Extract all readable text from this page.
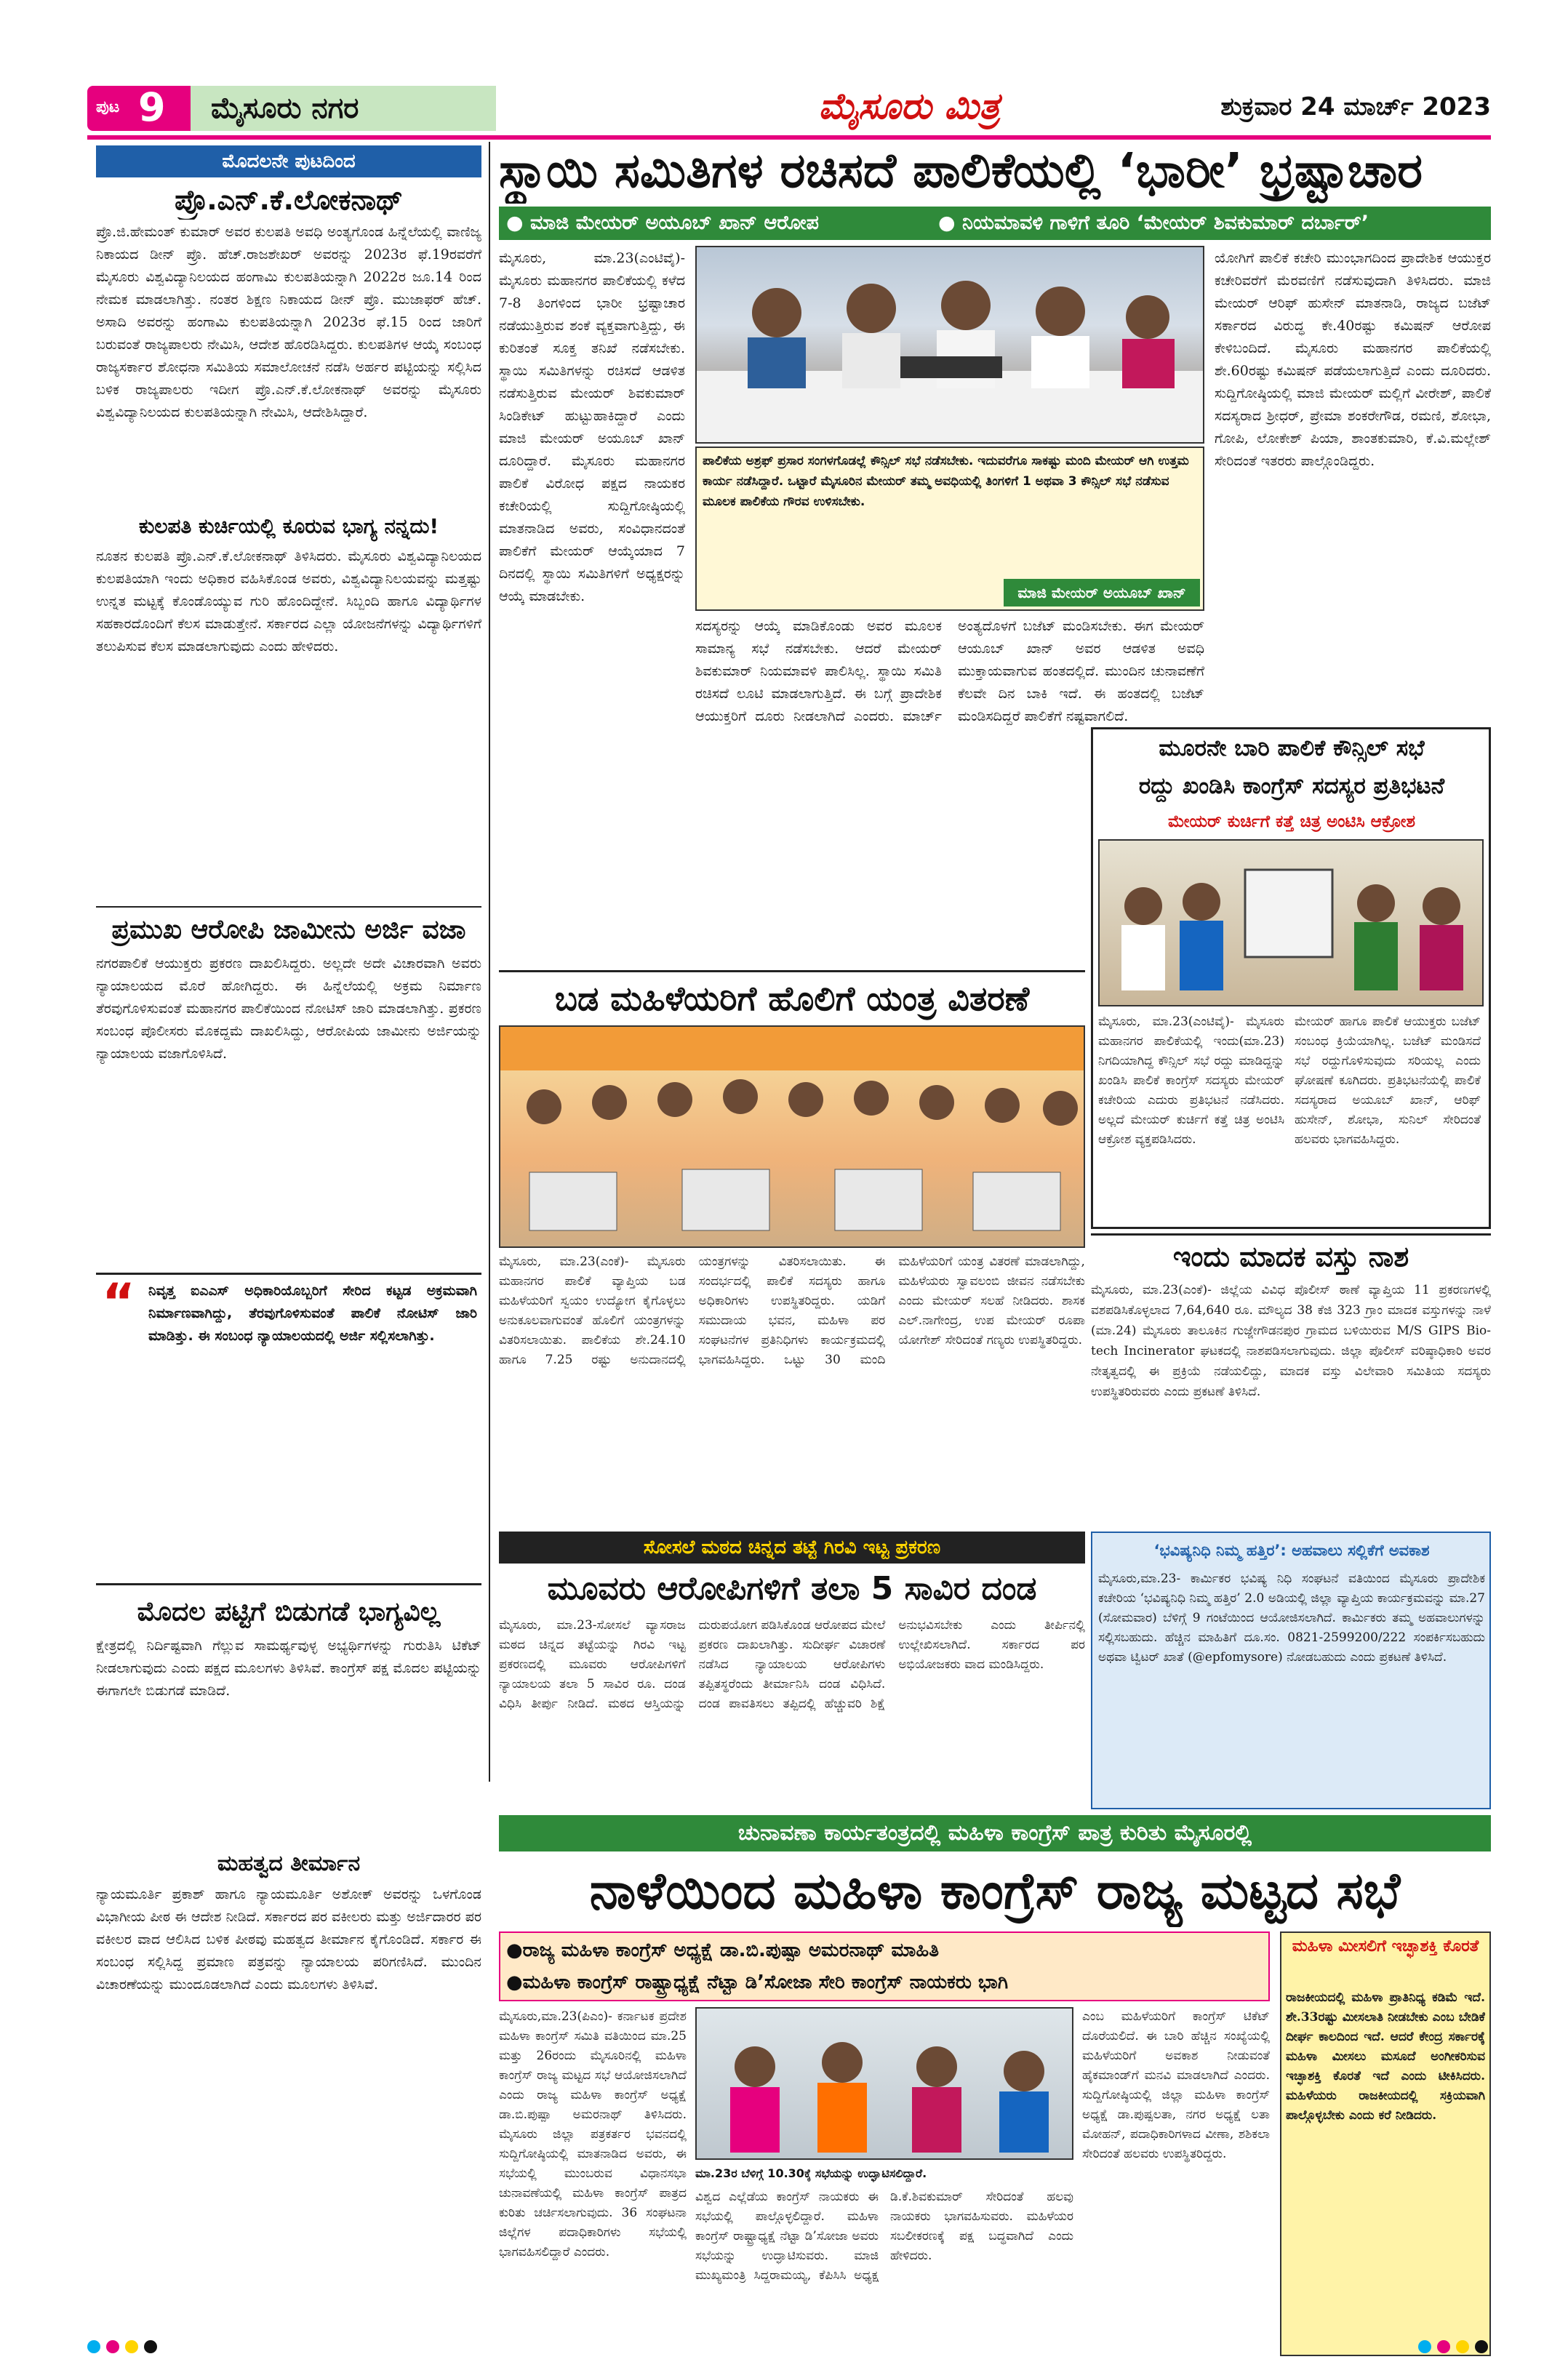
ಪುಟ 9	ಮೈಸೂರು ನಗರ	ಮೈಸೂರು ಮಿತ್ರ	ಶುಕ್ರವಾರ 24 ಮಾರ್ಚ್ 2023
ಮೊದಲನೇ ಪುಟದಿಂದ
ಪ್ರೊ.ಎನ್.ಕೆ.ಲೋಕನಾಥ್
ಪ್ರೊ.ಜಿ.ಹೇಮಂತ್ ಕುಮಾರ್ ಅವರ ಕುಲಪತಿ ಅವಧಿ ಅಂತ್ಯಗೊಂಡ ಹಿನ್ನೆಲೆಯಲ್ಲಿ ವಾಣಿಜ್ಯ ನಿಕಾಯದ ಡೀನ್ ಪ್ರೊ. ಹೆಚ್.ರಾಜಶೇಖರ್ ಅವರನ್ನು 2023ರ ಫೆ.19ರವರೆಗೆ ಮೈಸೂರು ವಿಶ್ವವಿದ್ಯಾನಿಲಯದ ಹಂಗಾಮಿ ಕುಲಪತಿಯನ್ನಾಗಿ 2022ರ ಜೂ.14 ರಿಂದ ನೇಮಕ ಮಾಡಲಾಗಿತ್ತು. ನಂತರ ಶಿಕ್ಷಣ ನಿಕಾಯದ ಡೀನ್ ಪ್ರೊ. ಮುಜಾಫರ್ ಹೆಚ್. ಅಸಾದಿ ಅವರನ್ನು ಹಂಗಾಮಿ ಕುಲಪತಿಯನ್ನಾಗಿ 2023ರ ಫೆ.15 ರಿಂದ ಜಾರಿಗೆ ಬರುವಂತೆ ರಾಜ್ಯಪಾಲರು ನೇಮಿಸಿ, ಆದೇಶ ಹೊರಡಿಸಿದ್ದರು. ಕುಲಪತಿಗಳ ಆಯ್ಕೆ ಸಂಬಂಧ ರಾಜ್ಯಸರ್ಕಾರ ಶೋಧನಾ ಸಮಿತಿಯ ಸಮಾಲೋಚನೆ ನಡೆಸಿ ಅರ್ಹರ ಪಟ್ಟಿಯನ್ನು ಸಲ್ಲಿಸಿದ ಬಳಿಕ ರಾಜ್ಯಪಾಲರು ಇದೀಗ ಪ್ರೊ.ಎನ್.ಕೆ.ಲೋಕನಾಥ್ ಅವರನ್ನು ಮೈಸೂರು ವಿಶ್ವವಿದ್ಯಾನಿಲಯದ ಕುಲಪತಿಯನ್ನಾಗಿ ನೇಮಿಸಿ, ಆದೇಶಿಸಿದ್ದಾರೆ.
ಕುಲಪತಿ ಕುರ್ಚಿಯಲ್ಲಿ ಕೂರುವ ಭಾಗ್ಯ ನನ್ನದು!
ನೂತನ ಕುಲಪತಿ ಪ್ರೊ.ಎನ್.ಕೆ.ಲೋಕನಾಥ್ ತಿಳಿಸಿದರು. ಮೈಸೂರು ವಿಶ್ವವಿದ್ಯಾನಿಲಯದ ಕುಲಪತಿಯಾಗಿ ಇಂದು ಅಧಿಕಾರ ವಹಿಸಿಕೊಂಡ ಅವರು, ವಿಶ್ವವಿದ್ಯಾನಿಲಯವನ್ನು ಮತ್ತಷ್ಟು ಉನ್ನತ ಮಟ್ಟಕ್ಕೆ ಕೊಂಡೊಯ್ಯುವ ಗುರಿ ಹೊಂದಿದ್ದೇನೆ. ಸಿಬ್ಬಂದಿ ಹಾಗೂ ವಿದ್ಯಾರ್ಥಿಗಳ ಸಹಕಾರದೊಂದಿಗೆ ಕೆಲಸ ಮಾಡುತ್ತೇನೆ. ಸರ್ಕಾರದ ಎಲ್ಲಾ ಯೋಜನೆಗಳನ್ನು ವಿದ್ಯಾರ್ಥಿಗಳಿಗೆ ತಲುಪಿಸುವ ಕೆಲಸ ಮಾಡಲಾಗುವುದು ಎಂದು ಹೇಳಿದರು.
ಪ್ರಮುಖ ಆರೋಪಿ ಜಾಮೀನು ಅರ್ಜಿ ವಜಾ
ನಗರಪಾಲಿಕೆ ಆಯುಕ್ತರು ಪ್ರಕರಣ ದಾಖಲಿಸಿದ್ದರು. ಅಲ್ಲದೇ ಅದೇ ವಿಚಾರವಾಗಿ ಅವರು ನ್ಯಾಯಾಲಯದ ಮೊರೆ ಹೋಗಿದ್ದರು. ಈ ಹಿನ್ನೆಲೆಯಲ್ಲಿ ಅಕ್ರಮ ನಿರ್ಮಾಣ ತೆರವುಗೊಳಿಸುವಂತೆ ಮಹಾನಗರ ಪಾಲಿಕೆಯಿಂದ ನೋಟಿಸ್ ಜಾರಿ ಮಾಡಲಾಗಿತ್ತು. ಪ್ರಕರಣ ಸಂಬಂಧ ಪೊಲೀಸರು ಮೊಕದ್ದಮೆ ದಾಖಲಿಸಿದ್ದು, ಆರೋಪಿಯ ಜಾಮೀನು ಅರ್ಜಿಯನ್ನು ನ್ಯಾಯಾಲಯ ವಜಾಗೊಳಿಸಿದೆ.
“ ನಿವೃತ್ತ ಐಎಎಸ್ ಅಧಿಕಾರಿಯೊಬ್ಬರಿಗೆ ಸೇರಿದ ಕಟ್ಟಡ ಅಕ್ರಮವಾಗಿ ನಿರ್ಮಾಣವಾಗಿದ್ದು, ತೆರವುಗೊಳಿಸುವಂತೆ ಪಾಲಿಕೆ ನೋಟಿಸ್ ಜಾರಿ ಮಾಡಿತ್ತು. ಈ ಸಂಬಂಧ ನ್ಯಾಯಾಲಯದಲ್ಲಿ ಅರ್ಜಿ ಸಲ್ಲಿಸಲಾಗಿತ್ತು.
ಮೊದಲ ಪಟ್ಟಿಗೆ ಬಿಡುಗಡೆ ಭಾಗ್ಯವಿಲ್ಲ
ಕ್ಷೇತ್ರದಲ್ಲಿ ನಿರ್ದಿಷ್ಟವಾಗಿ ಗೆಲ್ಲುವ ಸಾಮರ್ಥ್ಯವುಳ್ಳ ಅಭ್ಯರ್ಥಿಗಳನ್ನು ಗುರುತಿಸಿ ಟಿಕೆಟ್ ನೀಡಲಾಗುವುದು ಎಂದು ಪಕ್ಷದ ಮೂಲಗಳು ತಿಳಿಸಿವೆ. ಕಾಂಗ್ರೆಸ್ ಪಕ್ಷ ಮೊದಲ ಪಟ್ಟಿಯನ್ನು ಈಗಾಗಲೇ ಬಿಡುಗಡೆ ಮಾಡಿದೆ.
ಮಹತ್ವದ ತೀರ್ಮಾನ
ನ್ಯಾಯಮೂರ್ತಿ ಪ್ರಕಾಶ್ ಹಾಗೂ ನ್ಯಾಯಮೂರ್ತಿ ಅಶೋಕ್ ಅವರನ್ನು ಒಳಗೊಂಡ ವಿಭಾಗೀಯ ಪೀಠ ಈ ಆದೇಶ ನೀಡಿದೆ. ಸರ್ಕಾರದ ಪರ ವಕೀಲರು ಮತ್ತು ಅರ್ಜಿದಾರರ ಪರ ವಕೀಲರ ವಾದ ಆಲಿಸಿದ ಬಳಿಕ ಪೀಠವು ಮಹತ್ವದ ತೀರ್ಮಾನ ಕೈಗೊಂಡಿದೆ. ಸರ್ಕಾರ ಈ ಸಂಬಂಧ ಸಲ್ಲಿಸಿದ್ದ ಪ್ರಮಾಣ ಪತ್ರವನ್ನು ನ್ಯಾಯಾಲಯ ಪರಿಗಣಿಸಿದೆ. ಮುಂದಿನ ವಿಚಾರಣೆಯನ್ನು ಮುಂದೂಡಲಾಗಿದೆ ಎಂದು ಮೂಲಗಳು ತಿಳಿಸಿವೆ.
ಸ್ಥಾಯಿ ಸಮಿತಿಗಳ ರಚಿಸದೆ ಪಾಲಿಕೆಯಲ್ಲಿ ‘ಭಾರೀ’ ಭ್ರಷ್ಟಾಚಾರ
● ಮಾಜಿ ಮೇಯರ್ ಅಯೂಬ್ ಖಾನ್ ಆರೋಪ	● ನಿಯಮಾವಳಿ ಗಾಳಿಗೆ ತೂರಿ ‘ಮೇಯರ್ ಶಿವಕುಮಾರ್ ದರ್ಬಾರ್’
ಮೈಸೂರು, ಮಾ.23(ಎಂಟಿವೈ)- ಮೈಸೂರು ಮಹಾನಗರ ಪಾಲಿಕೆಯಲ್ಲಿ ಕಳೆದ 7-8 ತಿಂಗಳಿಂದ ಭಾರೀ ಭ್ರಷ್ಟಾಚಾರ ನಡೆಯುತ್ತಿರುವ ಶಂಕೆ ವ್ಯಕ್ತವಾಗುತ್ತಿದ್ದು, ಈ ಕುರಿತಂತೆ ಸೂಕ್ತ ತನಿಖೆ ನಡೆಸಬೇಕು. ಸ್ಥಾಯಿ ಸಮಿತಿಗಳನ್ನು ರಚಿಸದೆ ಆಡಳಿತ ನಡೆಸುತ್ತಿರುವ ಮೇಯರ್ ಶಿವಕುಮಾರ್ ಸಿಂಡಿಕೇಟ್ ಹುಟ್ಟುಹಾಕಿದ್ದಾರೆ ಎಂದು ಮಾಜಿ ಮೇಯರ್ ಅಯೂಬ್ ಖಾನ್ ದೂರಿದ್ದಾರೆ. ಮೈಸೂರು ಮಹಾನಗರ ಪಾಲಿಕೆ ವಿರೋಧ ಪಕ್ಷದ ನಾಯಕರ ಕಚೇರಿಯಲ್ಲಿ ಸುದ್ದಿಗೋಷ್ಠಿಯಲ್ಲಿ ಮಾತನಾಡಿದ ಅವರು, ಸಂವಿಧಾನದಂತೆ ಪಾಲಿಕೆಗೆ ಮೇಯರ್ ಆಯ್ಕೆಯಾದ 7 ದಿನದಲ್ಲಿ ಸ್ಥಾಯಿ ಸಮಿತಿಗಳಿಗೆ ಅಧ್ಯಕ್ಷರನ್ನು ಆಯ್ಕೆ ಮಾಡಬೇಕು.
ಪಾಲಿಕೆಯ ಅಶ್ರಫ್ ಪ್ರಸಾರ ಸಂಗಳಗೊಡಲ್ಲೆ ಕೌನ್ಸಿಲ್ ಸಭೆ ನಡೆಸಬೇಕು. ಇದುವರೆಗೂ ಸಾಕಷ್ಟು ಮಂದಿ ಮೇಯರ್ ಆಗಿ ಉತ್ತಮ ಕಾರ್ಯ ನಡೆಸಿದ್ದಾರೆ. ಒಟ್ಟಾರೆ ಮೈಸೂರಿನ ಮೇಯರ್ ತಮ್ಮ ಅವಧಿಯಲ್ಲಿ ತಿಂಗಳಿಗೆ 1 ಅಥವಾ 3 ಕೌನ್ಸಿಲ್ ಸಭೆ ನಡೆಸುವ ಮೂಲಕ ಪಾಲಿಕೆಯ ಗೌರವ ಉಳಿಸಬೇಕು.
ಮಾಜಿ ಮೇಯರ್ ಅಯೂಬ್ ಖಾನ್
ಸದಸ್ಯರನ್ನು ಆಯ್ಕೆ ಮಾಡಿಕೊಂಡು ಅವರ ಮೂಲಕ ಸಾಮಾನ್ಯ ಸಭೆ ನಡೆಸಬೇಕು. ಆದರೆ ಮೇಯರ್ ಶಿವಕುಮಾರ್ ನಿಯಮಾವಳಿ ಪಾಲಿಸಿಲ್ಲ. ಸ್ಥಾಯಿ ಸಮಿತಿ ರಚಿಸದೆ ಲೂಟಿ ಮಾಡಲಾಗುತ್ತಿದೆ. ಈ ಬಗ್ಗೆ ಪ್ರಾದೇಶಿಕ ಆಯುಕ್ತರಿಗೆ ದೂರು ನೀಡಲಾಗಿದೆ ಎಂದರು. ಮಾರ್ಚ್ ಅಂತ್ಯದೊಳಗೆ ಬಜೆಟ್ ಮಂಡಿಸಬೇಕು. ಈಗ ಮೇಯರ್ ಆಯೂಬ್ ಖಾನ್ ಅವರ ಆಡಳಿತ ಅವಧಿ ಮುಕ್ತಾಯವಾಗುವ ಹಂತದಲ್ಲಿದೆ. ಮುಂದಿನ ಚುನಾವಣೆಗೆ ಕೆಲವೇ ದಿನ ಬಾಕಿ ಇದೆ. ಈ ಹಂತದಲ್ಲಿ ಬಜೆಟ್ ಮಂಡಿಸದಿದ್ದರೆ ಪಾಲಿಕೆಗೆ ನಷ್ಟವಾಗಲಿದೆ.
ಯೋಗಿಗೆ ಪಾಲಿಕೆ ಕಚೇರಿ ಮುಂಭಾಗದಿಂದ ಪ್ರಾದೇಶಿಕ ಆಯುಕ್ತರ ಕಚೇರಿವರೆಗೆ ಮೆರವಣಿಗೆ ನಡೆಸುವುದಾಗಿ ತಿಳಿಸಿದರು. ಮಾಜಿ ಮೇಯರ್ ಆರಿಫ್ ಹುಸೇನ್ ಮಾತನಾಡಿ, ರಾಜ್ಯದ ಬಜೆಟ್ ಸರ್ಕಾರದ ವಿರುದ್ಧ ಕೇ.40ರಷ್ಟು ಕಮಿಷನ್ ಆರೋಪ ಕೇಳಿಬಂದಿದೆ. ಮೈಸೂರು ಮಹಾನಗರ ಪಾಲಿಕೆಯಲ್ಲಿ ಶೇ.60ರಷ್ಟು ಕಮಿಷನ್ ಪಡೆಯಲಾಗುತ್ತಿದೆ ಎಂದು ದೂರಿದರು. ಸುದ್ದಿಗೋಷ್ಠಿಯಲ್ಲಿ ಮಾಜಿ ಮೇಯರ್ ಮಲ್ಲಿಗೆ ವೀರೇಶ್, ಪಾಲಿಕೆ ಸದಸ್ಯರಾದ ಶ್ರೀಧರ್, ಪ್ರೇಮಾ ಶಂಕರೇಗೌಡ, ರಮಣಿ, ಶೋಭಾ, ಗೋಪಿ, ಲೋಕೇಶ್ ಪಿಯಾ, ಶಾಂತಕುಮಾರಿ, ಕೆ.ವಿ.ಮಲ್ಲೇಶ್ ಸೇರಿದಂತೆ ಇತರರು ಪಾಲ್ಗೊಂಡಿದ್ದರು.
ಮೂರನೇ ಬಾರಿ ಪಾಲಿಕೆ ಕೌನ್ಸಿಲ್ ಸಭೆ
ರದ್ದು ಖಂಡಿಸಿ ಕಾಂಗ್ರೆಸ್ ಸದಸ್ಯರ ಪ್ರತಿಭಟನೆ
ಮೇಯರ್ ಕುರ್ಚಿಗೆ ಕತ್ತೆ ಚಿತ್ರ ಅಂಟಿಸಿ ಆಕ್ರೋಶ
ಮೈಸೂರು, ಮಾ.23(ಎಂಟಿವೈ)- ಮೈಸೂರು ಮಹಾನಗರ ಪಾಲಿಕೆಯಲ್ಲಿ ಇಂದು(ಮಾ.23) ನಿಗದಿಯಾಗಿದ್ದ ಕೌನ್ಸಿಲ್ ಸಭೆ ರದ್ದು ಮಾಡಿದ್ದನ್ನು ಖಂಡಿಸಿ ಪಾಲಿಕೆ ಕಾಂಗ್ರೆಸ್ ಸದಸ್ಯರು ಮೇಯರ್ ಕಚೇರಿಯ ಎದುರು ಪ್ರತಿಭಟನೆ ನಡೆಸಿದರು. ಅಲ್ಲದೆ ಮೇಯರ್ ಕುರ್ಚಿಗೆ ಕತ್ತೆ ಚಿತ್ರ ಅಂಟಿಸಿ ಆಕ್ರೋಶ ವ್ಯಕ್ತಪಡಿಸಿದರು.
ಮೇಯರ್ ಹಾಗೂ ಪಾಲಿಕೆ ಆಯುಕ್ತರು ಬಜೆಟ್ ಸಂಬಂಧ ಕ್ರಿಯೆಯಾಗಿಲ್ಲ. ಬಜೆಟ್ ಮಂಡಿಸದೆ ಸಭೆ ರದ್ದುಗೊಳಿಸುವುದು ಸರಿಯಲ್ಲ ಎಂದು ಘೋಷಣೆ ಕೂಗಿದರು. ಪ್ರತಿಭಟನೆಯಲ್ಲಿ ಪಾಲಿಕೆ ಸದಸ್ಯರಾದ ಅಯೂಬ್ ಖಾನ್, ಆರಿಫ್ ಹುಸೇನ್, ಶೋಭಾ, ಸುನಿಲ್ ಸೇರಿದಂತೆ ಹಲವರು ಭಾಗವಹಿಸಿದ್ದರು.
ಬಡ ಮಹಿಳೆಯರಿಗೆ ಹೊಲಿಗೆ ಯಂತ್ರ ವಿತರಣೆ
ಮೈಸೂರು, ಮಾ.23(ಎಂಕೆ)- ಮೈಸೂರು ಮಹಾನಗರ ಪಾಲಿಕೆ ವ್ಯಾಪ್ತಿಯ ಬಡ ಮಹಿಳೆಯರಿಗೆ ಸ್ವಯಂ ಉದ್ಯೋಗ ಕೈಗೊಳ್ಳಲು ಅನುಕೂಲವಾಗುವಂತೆ ಹೊಲಿಗೆ ಯಂತ್ರಗಳನ್ನು ವಿತರಿಸಲಾಯಿತು. ಪಾಲಿಕೆಯ ಶೇ.24.10 ಹಾಗೂ 7.25 ರಷ್ಟು ಅನುದಾನದಲ್ಲಿ ಯಂತ್ರಗಳನ್ನು ವಿತರಿಸಲಾಯಿತು. ಈ ಸಂದರ್ಭದಲ್ಲಿ ಪಾಲಿಕೆ ಸದಸ್ಯರು ಹಾಗೂ ಅಧಿಕಾರಿಗಳು ಉಪಸ್ಥಿತರಿದ್ದರು. ಯಡಿಗೆ ಸಮುದಾಯ ಭವನ, ಮಹಿಳಾ ಪರ ಸಂಘಟನೆಗಳ ಪ್ರತಿನಿಧಿಗಳು ಕಾರ್ಯಕ್ರಮದಲ್ಲಿ ಭಾಗವಹಿಸಿದ್ದರು. ಒಟ್ಟು 30 ಮಂದಿ ಮಹಿಳೆಯರಿಗೆ ಯಂತ್ರ ವಿತರಣೆ ಮಾಡಲಾಗಿದ್ದು, ಮಹಿಳೆಯರು ಸ್ವಾವಲಂಬಿ ಜೀವನ ನಡೆಸಬೇಕು ಎಂದು ಮೇಯರ್ ಸಲಹೆ ನೀಡಿದರು. ಶಾಸಕ ಎಲ್.ನಾಗೇಂದ್ರ, ಉಪ ಮೇಯರ್ ರೂಪಾ ಯೋಗೇಶ್ ಸೇರಿದಂತೆ ಗಣ್ಯರು ಉಪಸ್ಥಿತರಿದ್ದರು.
ಇಂದು ಮಾದಕ ವಸ್ತು ನಾಶ
ಮೈಸೂರು, ಮಾ.23(ಎಂಕೆ)- ಜಿಲ್ಲೆಯ ವಿವಿಧ ಪೊಲೀಸ್ ಠಾಣೆ ವ್ಯಾಪ್ತಿಯ 11 ಪ್ರಕರಣಗಳಲ್ಲಿ ವಶಪಡಿಸಿಕೊಳ್ಳಲಾದ 7,64,640 ರೂ. ಮೌಲ್ಯದ 38 ಕೆಜಿ 323 ಗ್ರಾಂ ಮಾದಕ ವಸ್ತುಗಳನ್ನು ನಾಳೆ (ಮಾ.24) ಮೈಸೂರು ತಾಲೂಕಿನ ಗುಜ್ಜೇಗೌಡನಪುರ ಗ್ರಾಮದ ಬಳಿಯಿರುವ M/S GIPS Bio-tech Incinerator ಘಟಕದಲ್ಲಿ ನಾಶಪಡಿಸಲಾಗುವುದು. ಜಿಲ್ಲಾ ಪೊಲೀಸ್ ವರಿಷ್ಠಾಧಿಕಾರಿ ಅವರ ನೇತೃತ್ವದಲ್ಲಿ ಈ ಪ್ರಕ್ರಿಯೆ ನಡೆಯಲಿದ್ದು, ಮಾದಕ ವಸ್ತು ವಿಲೇವಾರಿ ಸಮಿತಿಯ ಸದಸ್ಯರು ಉಪಸ್ಥಿತರಿರುವರು ಎಂದು ಪ್ರಕಟಣೆ ತಿಳಿಸಿದೆ.
ಸೋಸಲೆ ಮಠದ ಚಿನ್ನದ ತಟ್ಟೆ ಗಿರವಿ ಇಟ್ಟ ಪ್ರಕರಣ
ಮೂವರು ಆರೋಪಿಗಳಿಗೆ ತಲಾ 5 ಸಾವಿರ ದಂಡ
ಮೈಸೂರು, ಮಾ.23-ಸೋಸಲೆ ವ್ಯಾಸರಾಜ ಮಠದ ಚಿನ್ನದ ತಟ್ಟೆಯನ್ನು ಗಿರವಿ ಇಟ್ಟ ಪ್ರಕರಣದಲ್ಲಿ ಮೂವರು ಆರೋಪಿಗಳಿಗೆ ನ್ಯಾಯಾಲಯ ತಲಾ 5 ಸಾವಿರ ರೂ. ದಂಡ ವಿಧಿಸಿ ತೀರ್ಪು ನೀಡಿದೆ. ಮಠದ ಆಸ್ತಿಯನ್ನು ದುರುಪಯೋಗ ಪಡಿಸಿಕೊಂಡ ಆರೋಪದ ಮೇಲೆ ಪ್ರಕರಣ ದಾಖಲಾಗಿತ್ತು. ಸುದೀರ್ಘ ವಿಚಾರಣೆ ನಡೆಸಿದ ನ್ಯಾಯಾಲಯ ಆರೋಪಿಗಳು ತಪ್ಪಿತಸ್ಥರೆಂದು ತೀರ್ಮಾನಿಸಿ ದಂಡ ವಿಧಿಸಿದೆ. ದಂಡ ಪಾವತಿಸಲು ತಪ್ಪಿದಲ್ಲಿ ಹೆಚ್ಚುವರಿ ಶಿಕ್ಷೆ ಅನುಭವಿಸಬೇಕು ಎಂದು ತೀರ್ಪಿನಲ್ಲಿ ಉಲ್ಲೇಖಿಸಲಾಗಿದೆ. ಸರ್ಕಾರದ ಪರ ಅಭಿಯೋಜಕರು ವಾದ ಮಂಡಿಸಿದ್ದರು.
‘ಭವಿಷ್ಯನಿಧಿ ನಿಮ್ಮ ಹತ್ತಿರ’: ಅಹವಾಲು ಸಲ್ಲಿಕೆಗೆ ಅವಕಾಶ
ಮೈಸೂರು,ಮಾ.23- ಕಾರ್ಮಿಕರ ಭವಿಷ್ಯ ನಿಧಿ ಸಂಘಟನೆ ವತಿಯಿಂದ ಮೈಸೂರು ಪ್ರಾದೇಶಿಕ ಕಚೇರಿಯ ‘ಭವಿಷ್ಯನಿಧಿ ನಿಮ್ಮ ಹತ್ತಿರ’ 2.0 ಅಡಿಯಲ್ಲಿ ಜಿಲ್ಲಾ ವ್ಯಾಪ್ತಿಯ ಕಾರ್ಯಕ್ರಮವನ್ನು ಮಾ.27 (ಸೋಮವಾರ) ಬೆಳಿಗ್ಗೆ 9 ಗಂಟೆಯಿಂದ ಆಯೋಜಿಸಲಾಗಿದೆ. ಕಾರ್ಮಿಕರು ತಮ್ಮ ಅಹವಾಲುಗಳನ್ನು ಸಲ್ಲಿಸಬಹುದು. ಹೆಚ್ಚಿನ ಮಾಹಿತಿಗೆ ದೂ.ಸಂ. 0821-2599200/222 ಸಂಪರ್ಕಿಸಬಹುದು ಅಥವಾ ಟ್ವಿಟರ್ ಖಾತೆ (@epfomysore) ನೋಡಬಹುದು ಎಂದು ಪ್ರಕಟಣೆ ತಿಳಿಸಿದೆ.
ಚುನಾವಣಾ ಕಾರ್ಯತಂತ್ರದಲ್ಲಿ ಮಹಿಳಾ ಕಾಂಗ್ರೆಸ್ ಪಾತ್ರ ಕುರಿತು ಮೈಸೂರಲ್ಲಿ
ನಾಳೆಯಿಂದ ಮಹಿಳಾ ಕಾಂಗ್ರೆಸ್ ರಾಜ್ಯ ಮಟ್ಟದ ಸಭೆ
●ರಾಜ್ಯ ಮಹಿಳಾ ಕಾಂಗ್ರೆಸ್ ಅಧ್ಯಕ್ಷೆ ಡಾ.ಬಿ.ಪುಷ್ಪಾ ಅಮರನಾಥ್ ಮಾಹಿತಿ
●ಮಹಿಳಾ ಕಾಂಗ್ರೆಸ್ ರಾಷ್ಟ್ರಾಧ್ಯಕ್ಷೆ ನೆಟ್ಟಾ ಡಿ’ಸೋಜಾ ಸೇರಿ ಕಾಂಗ್ರೆಸ್ ನಾಯಕರು ಭಾಗಿ
ಮೈಸೂರು,ಮಾ.23(ಪಿಎಂ)- ಕರ್ನಾಟಕ ಪ್ರದೇಶ ಮಹಿಳಾ ಕಾಂಗ್ರೆಸ್ ಸಮಿತಿ ವತಿಯಿಂದ ಮಾ.25 ಮತ್ತು 26ರಂದು ಮೈಸೂರಿನಲ್ಲಿ ಮಹಿಳಾ ಕಾಂಗ್ರೆಸ್ ರಾಜ್ಯ ಮಟ್ಟದ ಸಭೆ ಆಯೋಜಿಸಲಾಗಿದೆ ಎಂದು ರಾಜ್ಯ ಮಹಿಳಾ ಕಾಂಗ್ರೆಸ್ ಅಧ್ಯಕ್ಷೆ ಡಾ.ಬಿ.ಪುಷ್ಪಾ ಅಮರನಾಥ್ ತಿಳಿಸಿದರು. ಮೈಸೂರು ಜಿಲ್ಲಾ ಪತ್ರಕರ್ತರ ಭವನದಲ್ಲಿ ಸುದ್ದಿಗೋಷ್ಠಿಯಲ್ಲಿ ಮಾತನಾಡಿದ ಅವರು, ಈ ಸಭೆಯಲ್ಲಿ ಮುಂಬರುವ ವಿಧಾನಸಭಾ ಚುನಾವಣೆಯಲ್ಲಿ ಮಹಿಳಾ ಕಾಂಗ್ರೆಸ್ ಪಾತ್ರದ ಕುರಿತು ಚರ್ಚಿಸಲಾಗುವುದು. 36 ಸಂಘಟನಾ ಜಿಲ್ಲೆಗಳ ಪದಾಧಿಕಾರಿಗಳು ಸಭೆಯಲ್ಲಿ ಭಾಗವಹಿಸಲಿದ್ದಾರೆ ಎಂದರು.
ಮಾ.23ರ ಬೆಳಿಗ್ಗೆ 10.30ಕ್ಕೆ ಸಭೆಯನ್ನು ಉದ್ಘಾಟಿಸಲಿದ್ದಾರೆ.
ವಿಶ್ವದ ಎಲ್ಲೆಡೆಯ ಕಾಂಗ್ರೆಸ್ ನಾಯಕರು ಈ ಸಭೆಯಲ್ಲಿ ಪಾಲ್ಗೊಳ್ಳಲಿದ್ದಾರೆ. ಮಹಿಳಾ ಕಾಂಗ್ರೆಸ್ ರಾಷ್ಟ್ರಾಧ್ಯಕ್ಷೆ ನೆಟ್ಟಾ ಡಿ’ಸೋಜಾ ಅವರು ಸಭೆಯನ್ನು ಉದ್ಘಾಟಿಸುವರು. ಮಾಜಿ ಮುಖ್ಯಮಂತ್ರಿ ಸಿದ್ದರಾಮಯ್ಯ, ಕೆಪಿಸಿಸಿ ಅಧ್ಯಕ್ಷ ಡಿ.ಕೆ.ಶಿವಕುಮಾರ್ ಸೇರಿದಂತೆ ಹಲವು ನಾಯಕರು ಭಾಗವಹಿಸುವರು. ಮಹಿಳೆಯರ ಸಬಲೀಕರಣಕ್ಕೆ ಪಕ್ಷ ಬದ್ಧವಾಗಿದೆ ಎಂದು ಹೇಳಿದರು.
ಎಂಬ ಮಹಿಳೆಯರಿಗೆ ಕಾಂಗ್ರೆಸ್ ಟಿಕೆಟ್ ದೊರೆಯಲಿದೆ. ಈ ಬಾರಿ ಹೆಚ್ಚಿನ ಸಂಖ್ಯೆಯಲ್ಲಿ ಮಹಿಳೆಯರಿಗೆ ಅವಕಾಶ ನೀಡುವಂತೆ ಹೈಕಮಾಂಡ್‌ಗೆ ಮನವಿ ಮಾಡಲಾಗಿದೆ ಎಂದರು. ಸುದ್ದಿಗೋಷ್ಠಿಯಲ್ಲಿ ಜಿಲ್ಲಾ ಮಹಿಳಾ ಕಾಂಗ್ರೆಸ್ ಅಧ್ಯಕ್ಷೆ ಡಾ.ಪುಷ್ಪಲತಾ, ನಗರ ಅಧ್ಯಕ್ಷೆ ಲತಾ ಮೋಹನ್, ಪದಾಧಿಕಾರಿಗಳಾದ ವೀಣಾ, ಶಶಿಕಲಾ ಸೇರಿದಂತೆ ಹಲವರು ಉಪಸ್ಥಿತರಿದ್ದರು.
ಮಹಿಳಾ ಮೀಸಲಿಗೆ ಇಚ್ಛಾಶಕ್ತಿ ಕೊರತೆ
ರಾಜಕೀಯದಲ್ಲಿ ಮಹಿಳಾ ಪ್ರಾತಿನಿಧ್ಯ ಕಡಿಮೆ ಇದೆ. ಶೇ.33ರಷ್ಟು ಮೀಸಲಾತಿ ನೀಡಬೇಕು ಎಂಬ ಬೇಡಿಕೆ ದೀರ್ಘ ಕಾಲದಿಂದ ಇದೆ. ಆದರೆ ಕೇಂದ್ರ ಸರ್ಕಾರಕ್ಕೆ ಮಹಿಳಾ ಮೀಸಲು ಮಸೂದೆ ಅಂಗೀಕರಿಸುವ ಇಚ್ಛಾಶಕ್ತಿ ಕೊರತೆ ಇದೆ ಎಂದು ಟೀಕಿಸಿದರು. ಮಹಿಳೆಯರು ರಾಜಕೀಯದಲ್ಲಿ ಸಕ್ರಿಯವಾಗಿ ಪಾಲ್ಗೊಳ್ಳಬೇಕು ಎಂದು ಕರೆ ನೀಡಿದರು.
